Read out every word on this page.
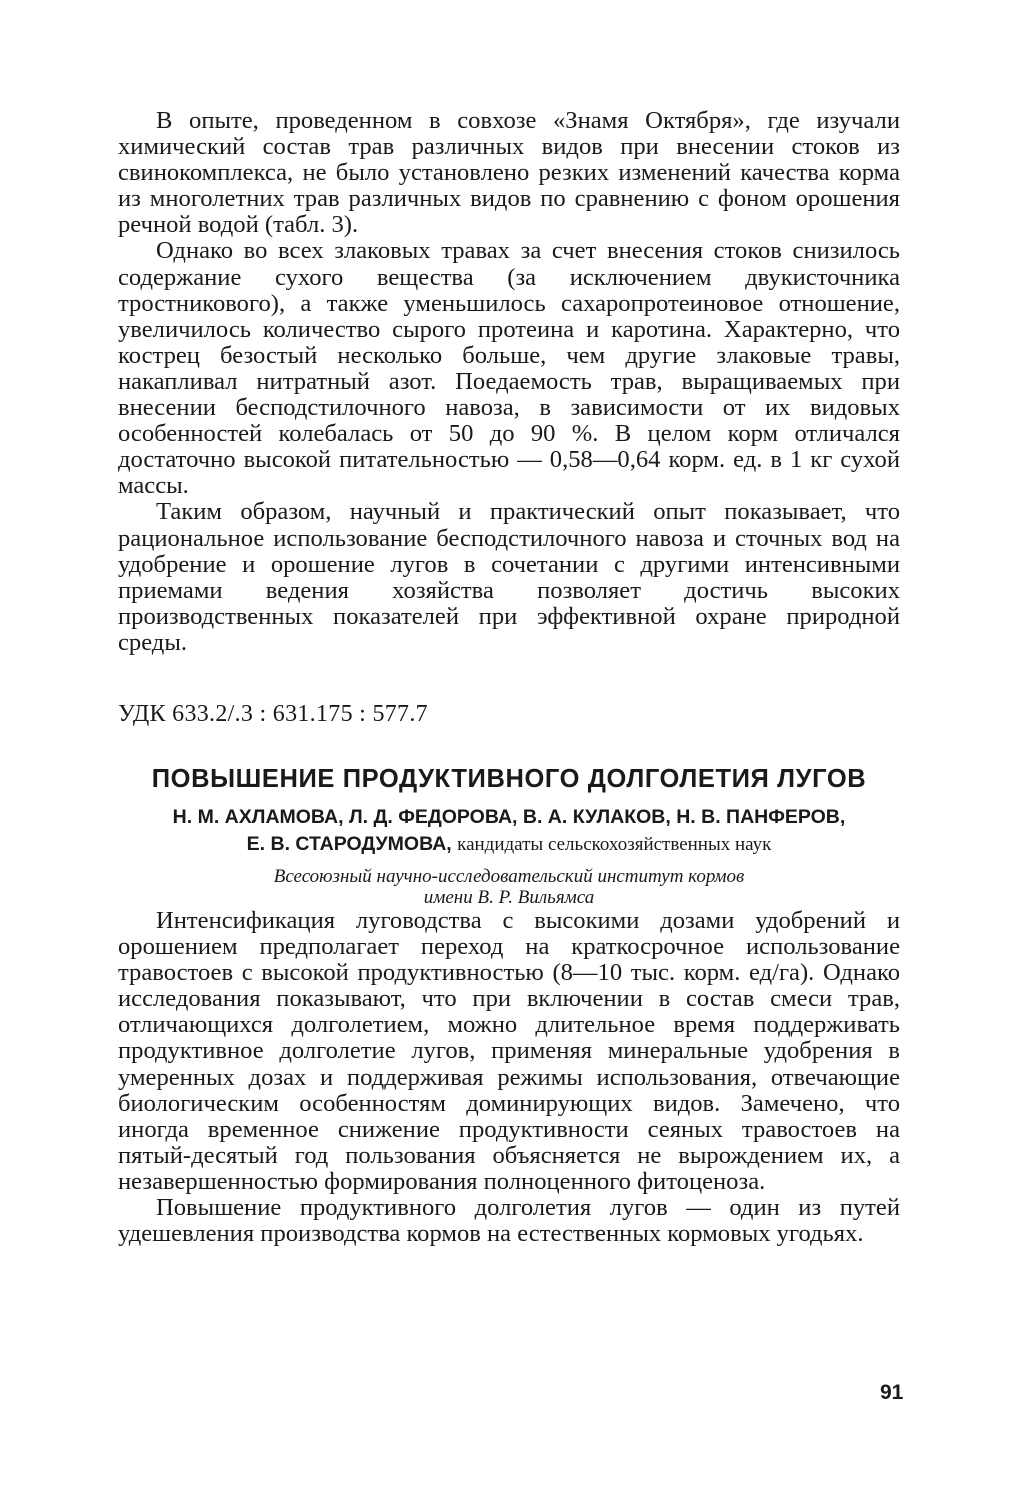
В опыте, проведенном в совхозе «Знамя Октября», где изучали химический состав трав различных видов при внесении стоков из свинокомплекса, не было установлено резких изменений качества корма из многолетних трав различных видов по сравнению с фоном орошения речной водой (табл. 3).

Однако во всех злаковых травах за счет внесения стоков снизилось содержание сухого вещества (за исключением двукисточника тростникового), а также уменьшилось сахаропротеиновое отношение, увеличилось количество сырого протеина и каротина. Характерно, что кострец безостый несколько больше, чем другие злаковые травы, накапливал нитратный азот. Поедаемость трав, выращиваемых при внесении бесподстилочного навоза, в зависимости от их видовых особенностей колебалась от 50 до 90 %. В целом корм отличался достаточно высокой питательностью — 0,58—0,64 корм. ед. в 1 кг сухой массы.

Таким образом, научный и практический опыт показывает, что рациональное использование бесподстилочного навоза и сточных вод на удобрение и орошение лугов в сочетании с другими интенсивными приемами ведения хозяйства позволяет достичь высоких производственных показателей при эффективной охране природной среды.

УДК 633.2/.3 : 631.175 : 577.7
ПОВЫШЕНИЕ ПРОДУКТИВНОГО ДОЛГОЛЕТИЯ ЛУГОВ
Н. М. АХЛАМОВА, Л. Д. ФЕДОРОВА, В. А. КУЛАКОВ, Н. В. ПАНФЕРОВ,
Е. В. СТАРОДУМОВА, кандидаты сельскохозяйственных наук
Всесоюзный научно-исследовательский институт кормов
имени В. Р. Вильямса

Интенсификация луговодства с высокими дозами удобрений и орошением предполагает переход на краткосрочное использование травостоев с высокой продуктивностью (8—10 тыс. корм. ед/га). Однако исследования показывают, что при включении в состав смеси трав, отличающихся долголетием, можно длительное время поддерживать продуктивное долголетие лугов, применяя минеральные удобрения в умеренных дозах и поддерживая режимы использования, отвечающие биологическим особенностям доминирующих видов. Замечено, что иногда временное снижение продуктивности сеяных травостоев на пятый-десятый год пользования объясняется не вырождением их, а незавершенностью формирования полноценного фитоценоза.

Повышение продуктивного долголетия лугов — один из путей удешевления производства кормов на естественных кормовых угодьях.

91
